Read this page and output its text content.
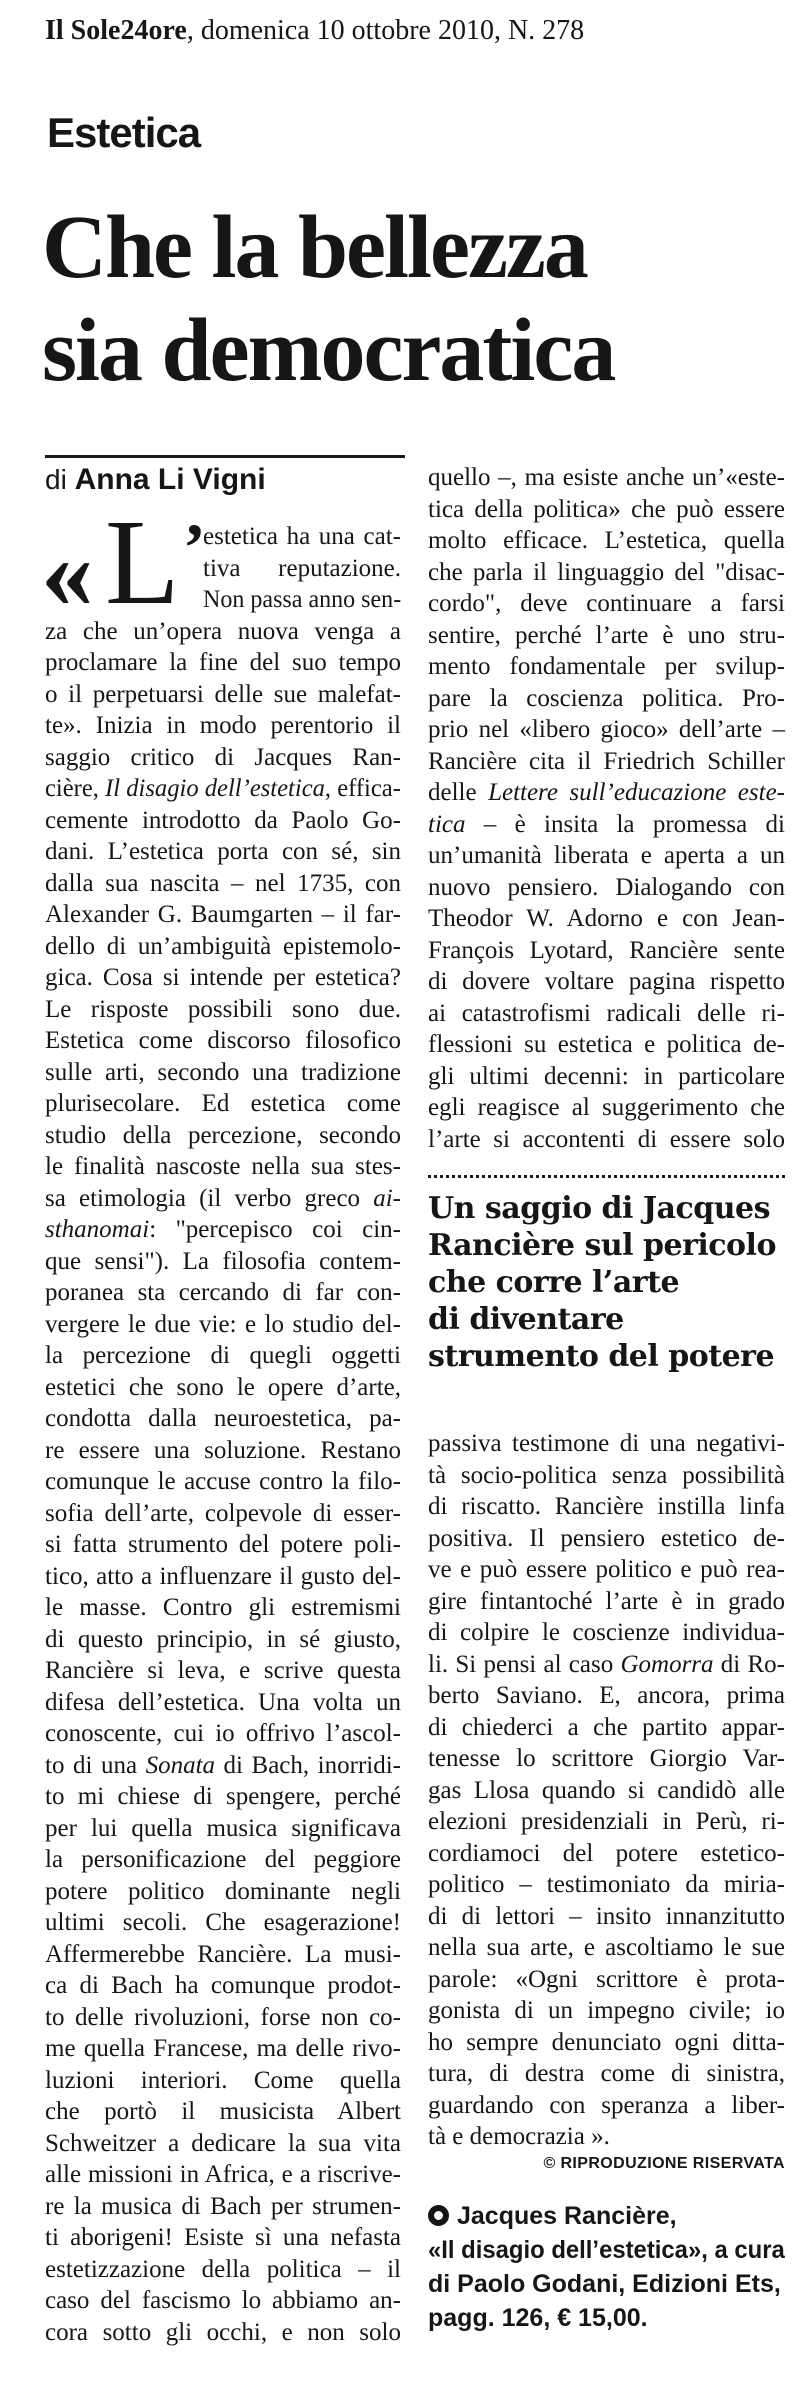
Il Sole24ore, domenica 10 ottobre 2010, N. 278
Estetica
Che la bellezza
sia democratica
di Anna Li Vigni
« L ’
estetica ha una cat-
tiva reputazione.
Non passa anno sen-
za che un’opera nuova venga a
proclamare la fine del suo tempo
o il perpetuarsi delle sue malefat-
te». Inizia in modo perentorio il
saggio critico di Jacques Ran-
cière, Il disagio dell’estetica, effica-
cemente introdotto da Paolo Go-
dani. L’estetica porta con sé, sin
dalla sua nascita – nel 1735, con
Alexander G. Baumgarten – il far-
dello di un’ambiguità epistemolo-
gica. Cosa si intende per estetica?
Le risposte possibili sono due.
Estetica come discorso filosofico
sulle arti, secondo una tradizione
plurisecolare. Ed estetica come
studio della percezione, secondo
le finalità nascoste nella sua stes-
sa etimologia (il verbo greco ai-
sthanomai: "percepisco coi cin-
que sensi"). La filosofia contem-
poranea sta cercando di far con-
vergere le due vie: e lo studio del-
la percezione di quegli oggetti
estetici che sono le opere d’arte,
condotta dalla neuroestetica, pa-
re essere una soluzione. Restano
comunque le accuse contro la filo-
sofia dell’arte, colpevole di esser-
si fatta strumento del potere poli-
tico, atto a influenzare il gusto del-
le masse. Contro gli estremismi
di questo principio, in sé giusto,
Rancière si leva, e scrive questa
difesa dell’estetica. Una volta un
conoscente, cui io offrivo l’ascol-
to di una Sonata di Bach, inorridi-
to mi chiese di spengere, perché
per lui quella musica significava
la personificazione del peggiore
potere politico dominante negli
ultimi secoli. Che esagerazione!
Affermerebbe Rancière. La musi-
ca di Bach ha comunque prodot-
to delle rivoluzioni, forse non co-
me quella Francese, ma delle rivo-
luzioni interiori. Come quella
che portò il musicista Albert
Schweitzer a dedicare la sua vita
alle missioni in Africa, e a riscrive-
re la musica di Bach per strumen-
ti aborigeni! Esiste sì una nefasta
estetizzazione della politica – il
caso del fascismo lo abbiamo an-
cora sotto gli occhi, e non solo
quello –, ma esiste anche un’«este-
tica della politica» che può essere
molto efficace. L’estetica, quella
che parla il linguaggio del "disac-
cordo", deve continuare a farsi
sentire, perché l’arte è uno stru-
mento fondamentale per svilup-
pare la coscienza politica. Pro-
prio nel «libero gioco» dell’arte –
Rancière cita il Friedrich Schiller
delle Lettere sull’educazione este-
tica – è insita la promessa di
un’umanità liberata e aperta a un
nuovo pensiero. Dialogando con
Theodor W. Adorno e con Jean-
François Lyotard, Rancière sente
di dovere voltare pagina rispetto
ai catastrofismi radicali delle ri-
flessioni su estetica e politica de-
gli ultimi decenni: in particolare
egli reagisce al suggerimento che
l’arte si accontenti di essere solo
Un saggio di Jacques
Rancière sul pericolo
che corre l’arte
di diventare
strumento del potere
passiva testimone di una negativi-
tà socio-politica senza possibilità
di riscatto. Rancière instilla linfa
positiva. Il pensiero estetico de-
ve e può essere politico e può rea-
gire fintantoché l’arte è in grado
di colpire le coscienze individua-
li. Si pensi al caso Gomorra di Ro-
berto Saviano. E, ancora, prima
di chiederci a che partito appar-
tenesse lo scrittore Giorgio Var-
gas Llosa quando si candidò alle
elezioni presidenziali in Perù, ri-
cordiamoci del potere estetico-
politico – testimoniato da miria-
di di lettori – insito innanzitutto
nella sua arte, e ascoltiamo le sue
parole: «Ogni scrittore è prota-
gonista di un impegno civile; io
ho sempre denunciato ogni ditta-
tura, di destra come di sinistra,
guardando con speranza a liber-
tà e democrazia ».
© RIPRODUZIONE RISERVATA
Jacques Rancière,
«Il disagio dell’estetica», a cura
di Paolo Godani, Edizioni Ets,
pagg. 126, € 15,00.
